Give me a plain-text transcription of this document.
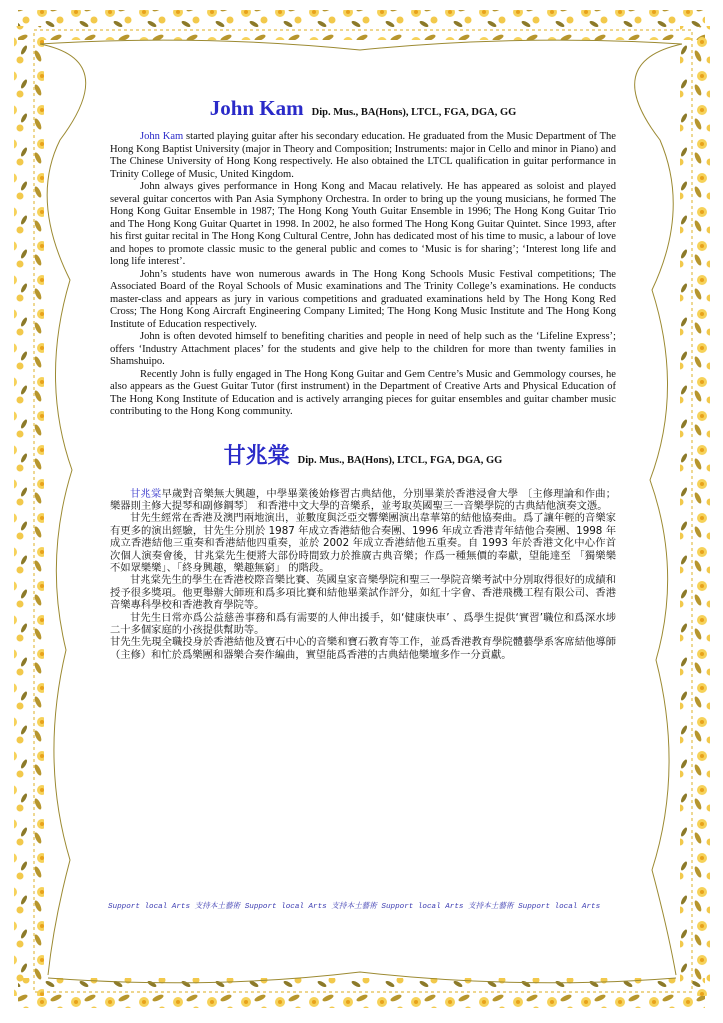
John Kam Dip. Mus., BA(Hons), LTCL, FGA, DGA, GG

John Kam started playing guitar after his secondary education. He graduated from the Music Department of The Hong Kong Baptist University (major in Theory and Composition; Instruments: major in Cello and minor in Piano) and The Chinese University of Hong Kong respectively. He also obtained the LTCL qualification in guitar performance in Trinity College of Music, United Kingdom.

John always gives performance in Hong Kong and Macau relatively. He has appeared as soloist and played several guitar concertos with Pan Asia Symphony Orchestra. In order to bring up the young musicians, he formed The Hong Kong Guitar Ensemble in 1987; The Hong Kong Youth Guitar Ensemble in 1996; The Hong Kong Guitar Trio and The Hong Kong Guitar Quartet in 1998. In 2002, he also formed The Hong Kong Guitar Quintet. Since 1993, after his first guitar recital in The Hong Kong Cultural Centre, John has dedicated most of his time to music, a labour of love and hopes to promote classic music to the general public and comes to ‘Music is for sharing’; ‘Interest long life and long life interest’.

John’s students have won numerous awards in The Hong Kong Schools Music Festival competitions; The Associated Board of the Royal Schools of Music examinations and The Trinity College’s examinations. He conducts master-class and appears as jury in various competitions and graduated examinations held by The Hong Kong Red Cross; The Hong Kong Aircraft Engineering Company Limited; The Hong Kong Music Institute and The Hong Kong Institute of Education respectively.

John is often devoted himself to benefiting charities and people in need of help such as the ‘Lifeline Express’; offers ‘Industry Attachment places’ for the students and give help to the children for more than twenty families in Shamshuipo.

Recently John is fully engaged in The Hong Kong Guitar and Gem Centre’s Music and Gemmology courses, he also appears as the Guest Guitar Tutor (first instrument) in the Department of Creative Arts and Physical Education of The Hong Kong Institute of Education and is actively arranging pieces for guitar ensembles and guitar chamber music contributing to the Hong Kong community.

甘兆棠 Dip. Mus., BA(Hons), LTCL, FGA, DGA, GG

甘兆棠早歲對音樂無大興趣，中學畢業後始修習古典結他，分別畢業於香港浸會大學 〔主修理論和作曲；樂器則主修大提琴和副修鋼琴〕 和香港中文大學的音樂系，並考取英國聖三一音樂學院的古典結他演奏文憑。

甘先生經常在香港及澳門兩地演出，並數度與泛亞交響樂團演出韋華第的結他協奏曲。爲了讓年輕的音樂家有更多的演出經驗，甘先生分別於 1987 年成立香港結他合奏團、1996 年成立香港青年結他合奏團、1998 年成立香港結他三重奏和香港結他四重奏，並於 2002 年成立香港結他五重奏。自 1993 年於香港文化中心作首次個人演奏會後，甘兆棠先生便將大部份時間致力於推廣古典音樂；作爲一種無價的奉獻，望能達至 「獨樂樂不如眾樂樂」、「終身興趣，樂趣無窮」 的階段。

甘兆棠先生的學生在香港校際音樂比賽、英國皇家音樂學院和聖三一學院音樂考試中分別取得很好的成績和授予很多獎項。他更舉辦大師班和爲多項比賽和結他畢業試作評分，如紅十字會、香港飛機工程有限公司、香港音樂專科學校和香港教育學院等。

甘先生日常亦爲公益慈善事務和爲有需要的人伸出援手，如‘健康快車’ 、爲學生提供‘實習’職位和爲深水埗二十多個家庭的小孩提供幫助等。

甘先生先現全職投身於香港結他及寶石中心的音樂和寶石教育等工作，並爲香港教育學院體藝學系客席結他導師（主修）和忙於爲樂團和器樂合奏作編曲，實望能爲香港的古典結他樂壇多作一分貢獻。

Support local Arts 支持本土藝術 Support local Arts 支持本土藝術 Support local Arts 支持本土藝術 Support local Arts
